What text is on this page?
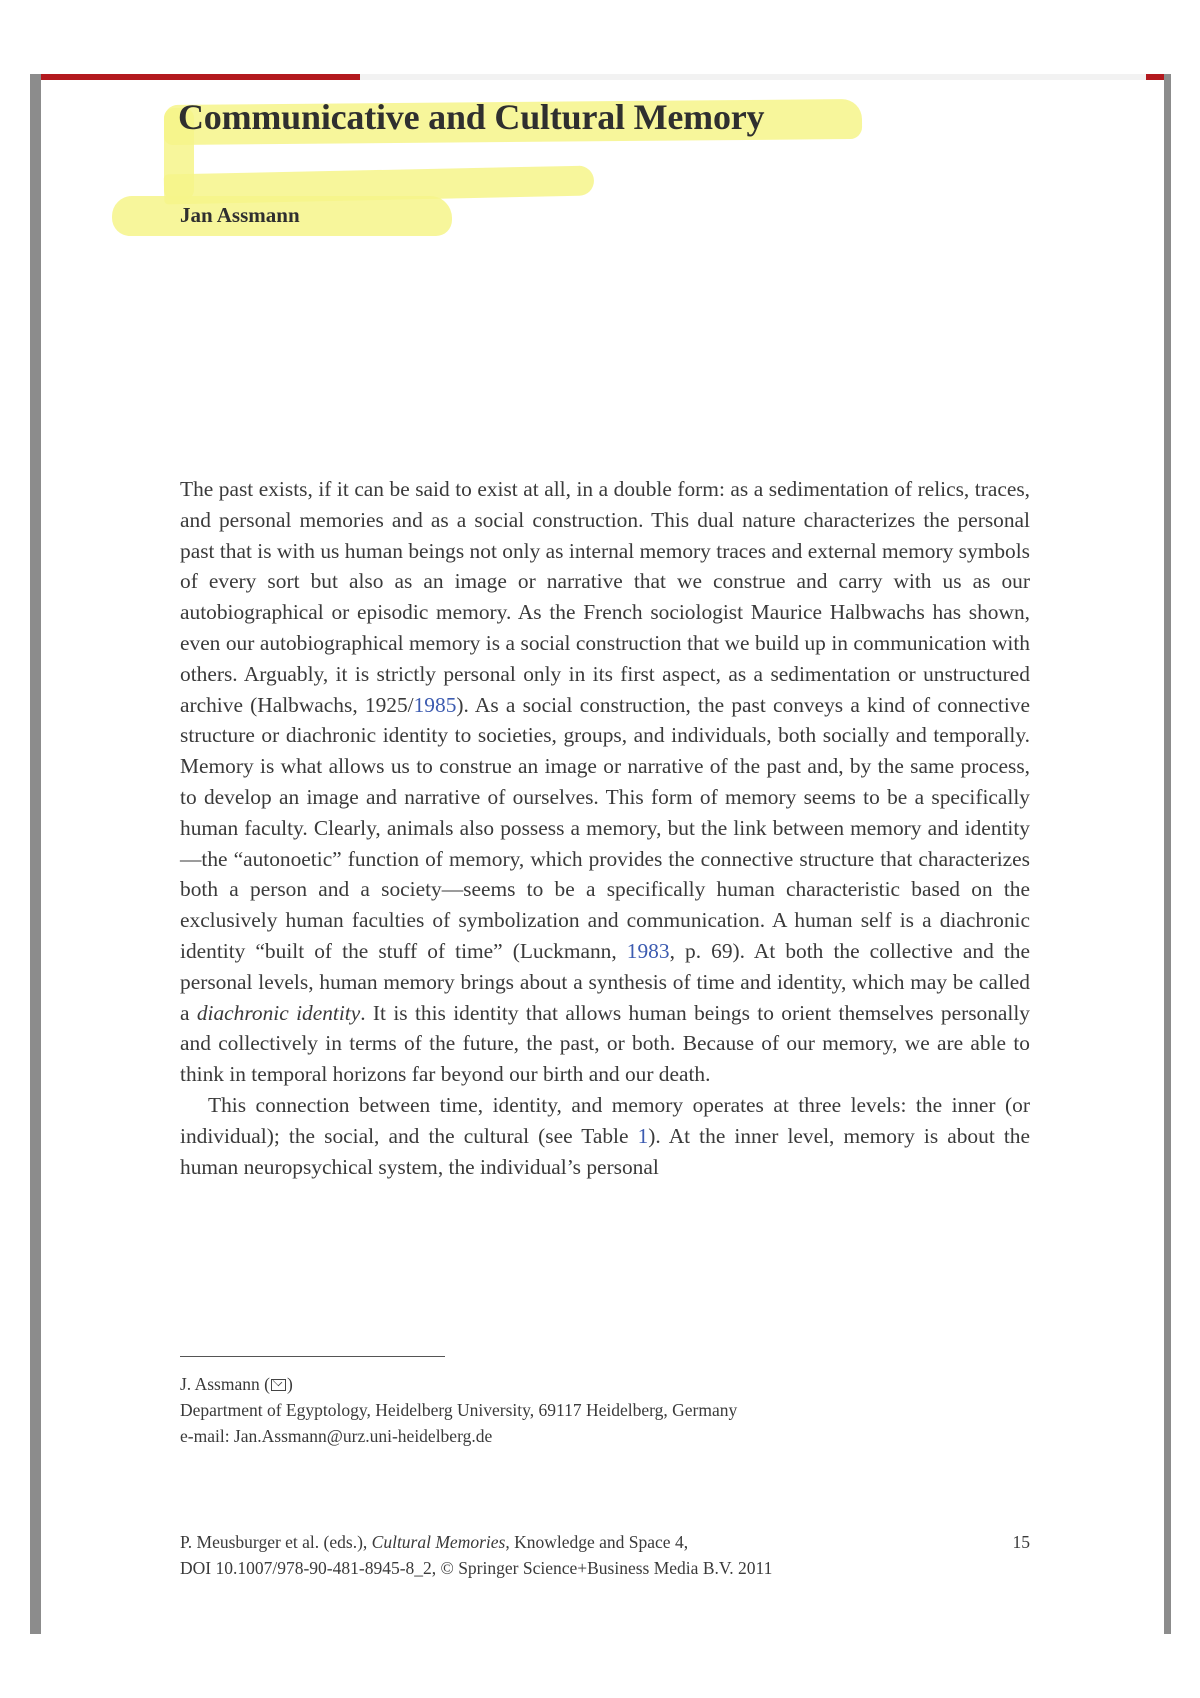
Communicative and Cultural Memory
Jan Assmann

The past exists, if it can be said to exist at all, in a double form: as a sedimentation of relics, traces, and personal memories and as a social construction. This dual nature characterizes the personal past that is with us human beings not only as internal memory traces and external memory symbols of every sort but also as an image or narrative that we construe and carry with us as our autobiographical or episodic memory. As the French sociologist Maurice Halbwachs has shown, even our autobiographical memory is a social construction that we build up in communication with others. Arguably, it is strictly personal only in its first aspect, as a sedimentation or unstructured archive (Halbwachs, 1925/1985). As a social construction, the past conveys a kind of connective structure or diachronic identity to societies, groups, and individuals, both socially and temporally. Memory is what allows us to construe an image or narrative of the past and, by the same process, to develop an image and narrative of ourselves. This form of memory seems to be a specifically human faculty. Clearly, animals also possess a memory, but the link between memory and identity—the “autonoetic” function of memory, which provides the connective structure that characterizes both a person and a society—seems to be a specifically human characteristic based on the exclusively human faculties of symbolization and communication. A human self is a diachronic identity “built of the stuff of time” (Luckmann, 1983, p. 69). At both the collective and the personal levels, human memory brings about a synthesis of time and identity, which may be called a diachronic identity. It is this identity that allows human beings to orient themselves personally and collectively in terms of the future, the past, or both. Because of our memory, we are able to think in temporal horizons far beyond our birth and our death.

This connection between time, identity, and memory operates at three levels: the inner (or individual); the social, and the cultural (see Table 1). At the inner level, memory is about the human neuropsychical system, the individual’s personal

J. Assmann ( )
Department of Egyptology, Heidelberg University, 69117 Heidelberg, Germany
e-mail: Jan.Assmann@urz.uni-heidelberg.de
P. Meusburger et al. (eds.), Cultural Memories, Knowledge and Space 4,	15
DOI 10.1007/978-90-481-8945-8_2, © Springer Science+Business Media B.V. 2011
